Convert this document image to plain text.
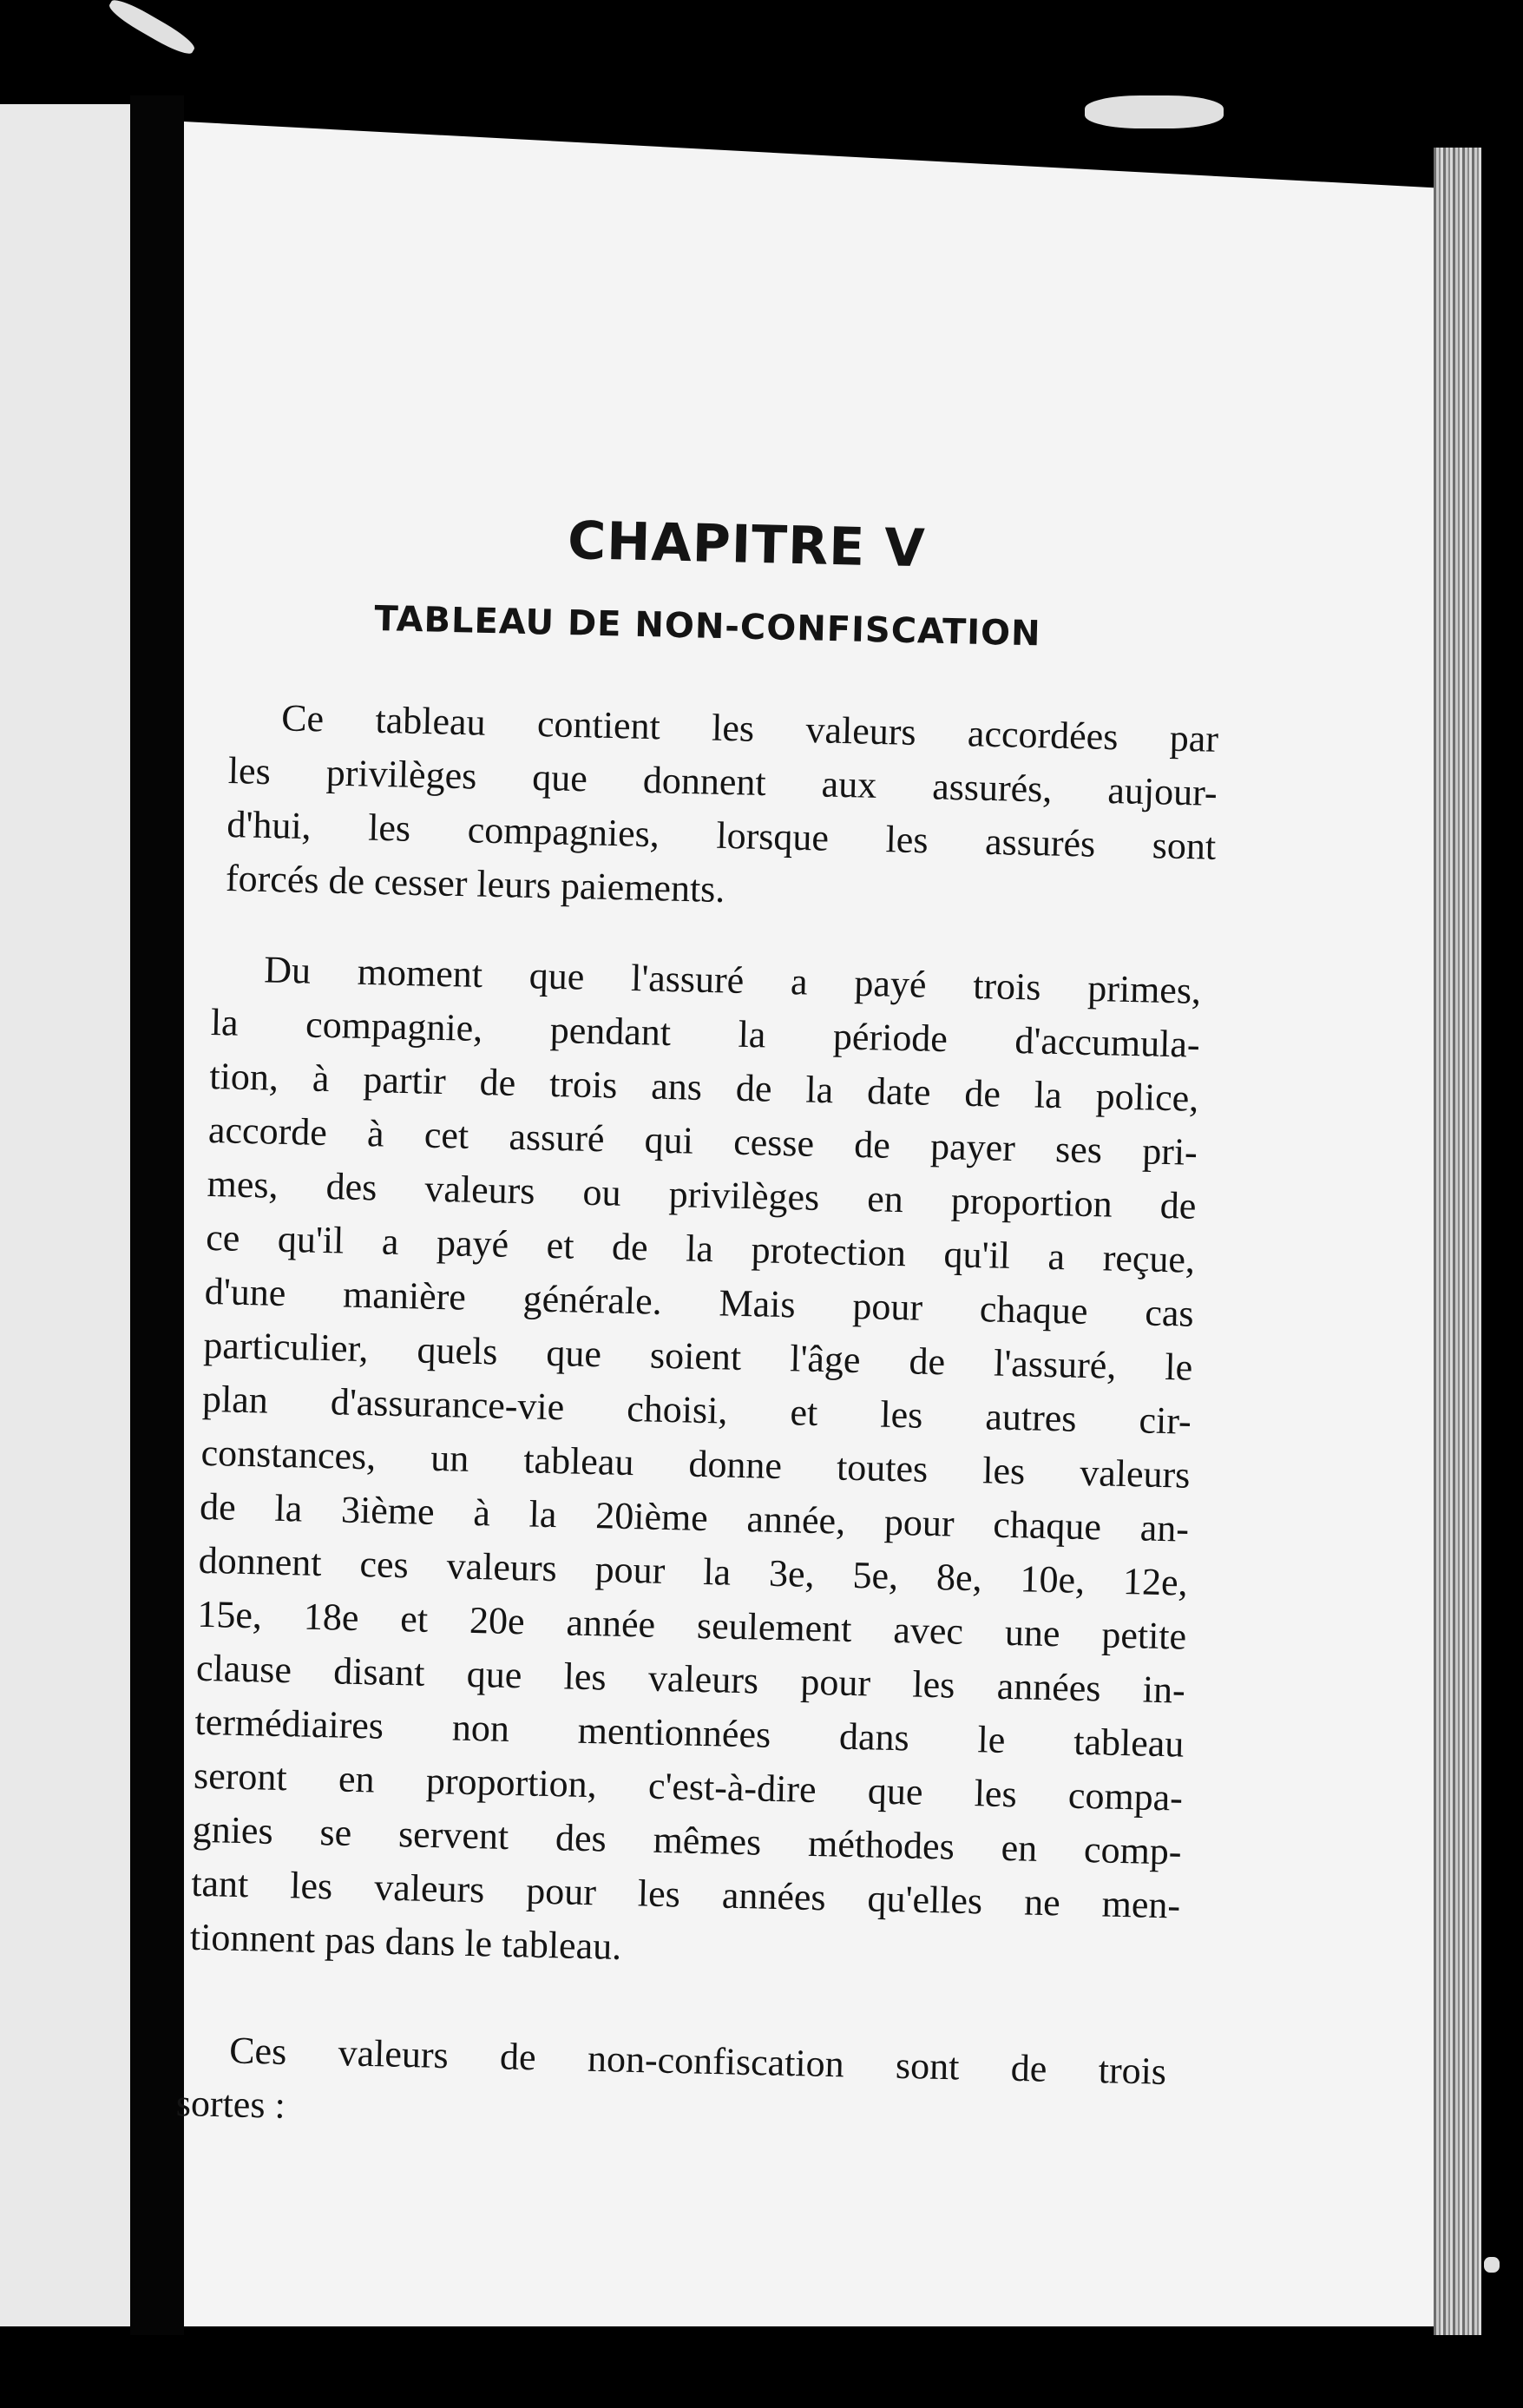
CHAPITRE V
TABLEAU DE NON-CONFISCATION
Ce tableau contient les valeurs accordées par
les privilèges que donnent aux assurés, aujour-
d'hui, les compagnies, lorsque les assurés sont
forcés de cesser leurs paiements.
Du moment que l'assuré a payé trois primes,
la compagnie, pendant la période d'accumula-
tion, à partir de trois ans de la date de la police,
accorde à cet assuré qui cesse de payer ses pri-
mes, des valeurs ou privilèges en proportion de
ce qu'il a payé et de la protection qu'il a reçue,
d'une manière générale. Mais pour chaque cas
particulier, quels que soient l'âge de l'assuré, le
plan d'assurance-vie choisi, et les autres cir-
constances, un tableau donne toutes les valeurs
de la 3ième à la 20ième année, pour chaque an-
donnent ces valeurs pour la 3e, 5e, 8e, 10e, 12e,
15e, 18e et 20e année seulement avec une petite
clause disant que les valeurs pour les années in-
termédiaires non mentionnées dans le tableau
seront en proportion, c'est-à-dire que les compa-
gnies se servent des mêmes méthodes en comp-
tant les valeurs pour les années qu'elles ne men-
tionnent pas dans le tableau.
Ces valeurs de non-confiscation sont de trois
sortes :
